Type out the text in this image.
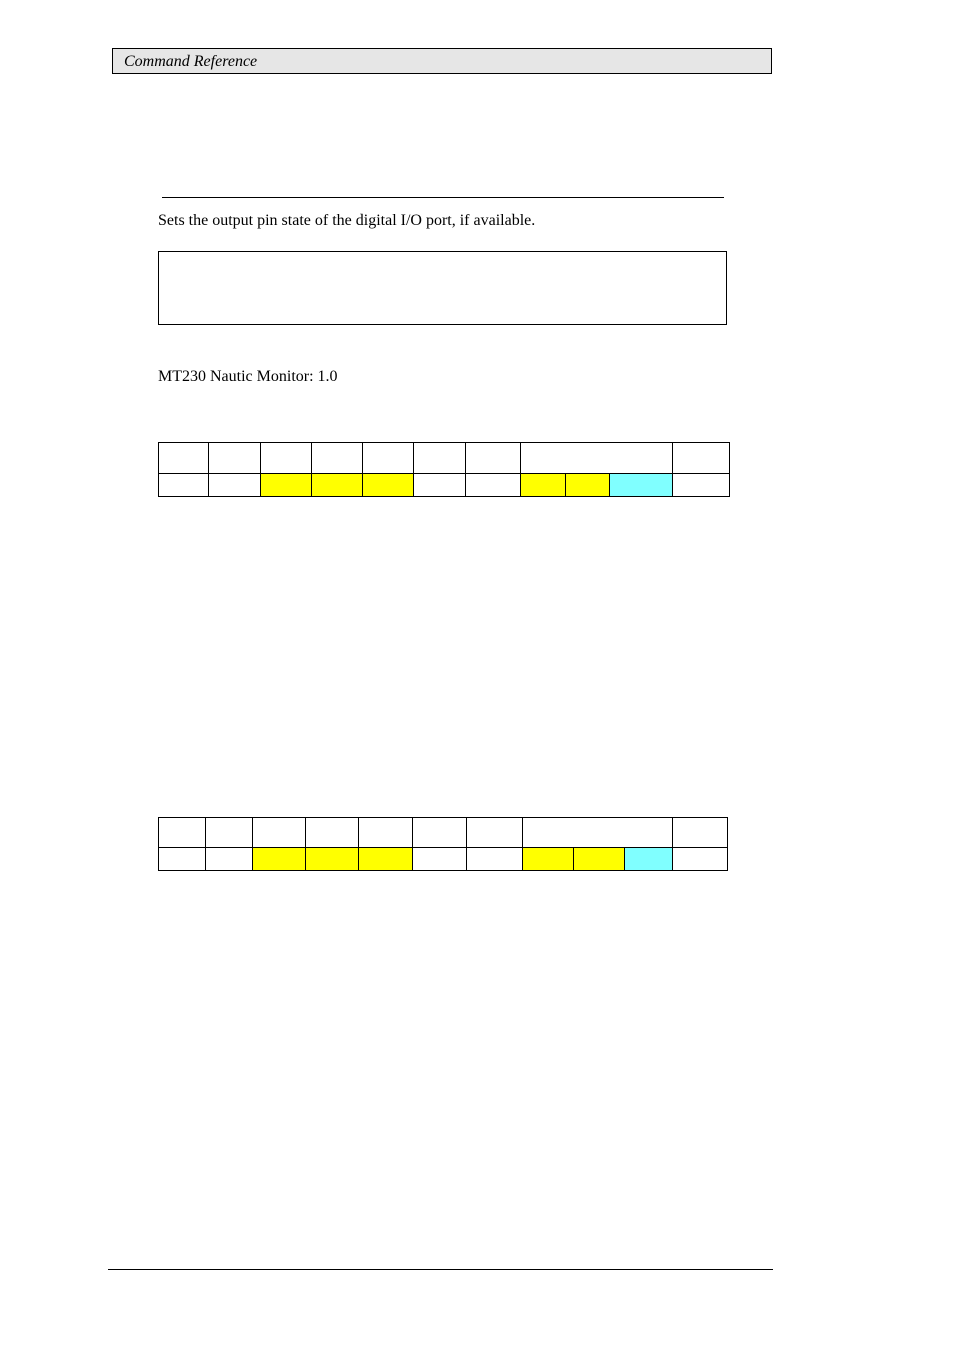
Command Reference
Sets the output pin state of the digital I/O port, if available.
MT230 Nautic Monitor: 1.0
